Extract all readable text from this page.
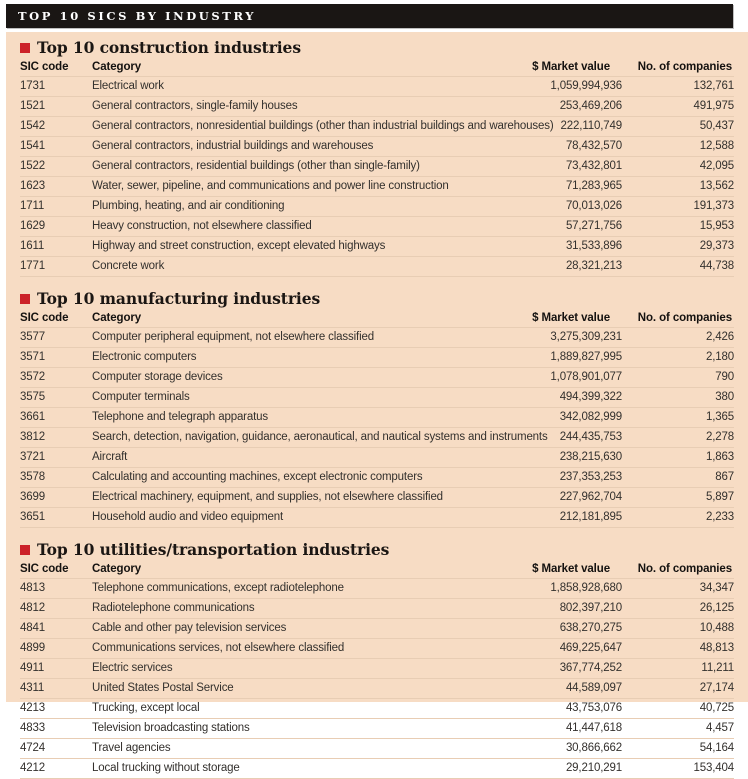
TOP 10 SICS BY INDUSTRY
Top 10 construction industries
SIC code	Category	$ Market value	No. of companies
1731	Electrical work	1,059,994,936	132,761
1521	General contractors, single-family houses	253,469,206	491,975
1542	General contractors, nonresidential buildings (other than industrial buildings and warehouses)	222,110,749	50,437
1541	General contractors, industrial buildings and warehouses	78,432,570	12,588
1522	General contractors, residential buildings (other than single-family)	73,432,801	42,095
1623	Water, sewer, pipeline, and communications and power line construction	71,283,965	13,562
1711	Plumbing, heating, and air conditioning	70,013,026	191,373
1629	Heavy construction, not elsewhere classified	57,271,756	15,953
1611	Highway and street construction, except elevated highways	31,533,896	29,373
1771	Concrete work	28,321,213	44,738
Top 10 manufacturing industries
SIC code	Category	$ Market value	No. of companies
3577	Computer peripheral equipment, not elsewhere classified	3,275,309,231	2,426
3571	Electronic computers	1,889,827,995	2,180
3572	Computer storage devices	1,078,901,077	790
3575	Computer terminals	494,399,322	380
3661	Telephone and telegraph apparatus	342,082,999	1,365
3812	Search, detection, navigation, guidance, aeronautical, and nautical systems and instruments	244,435,753	2,278
3721	Aircraft	238,215,630	1,863
3578	Calculating and accounting machines, except electronic computers	237,353,253	867
3699	Electrical machinery, equipment, and supplies, not elsewhere classified	227,962,704	5,897
3651	Household audio and video equipment	212,181,895	2,233
Top 10 utilities/transportation industries
SIC code	Category	$ Market value	No. of companies
4813	Telephone communications, except radiotelephone	1,858,928,680	34,347
4812	Radiotelephone communications	802,397,210	26,125
4841	Cable and other pay television services	638,270,275	10,488
4899	Communications services, not elsewhere classified	469,225,647	48,813
4911	Electric services	367,774,252	11,211
4311	United States Postal Service	44,589,097	27,174
4213	Trucking, except local	43,753,076	40,725
4833	Television broadcasting stations	41,447,618	4,457
4724	Travel agencies	30,866,662	54,164
4212	Local trucking without storage	29,210,291	153,404
